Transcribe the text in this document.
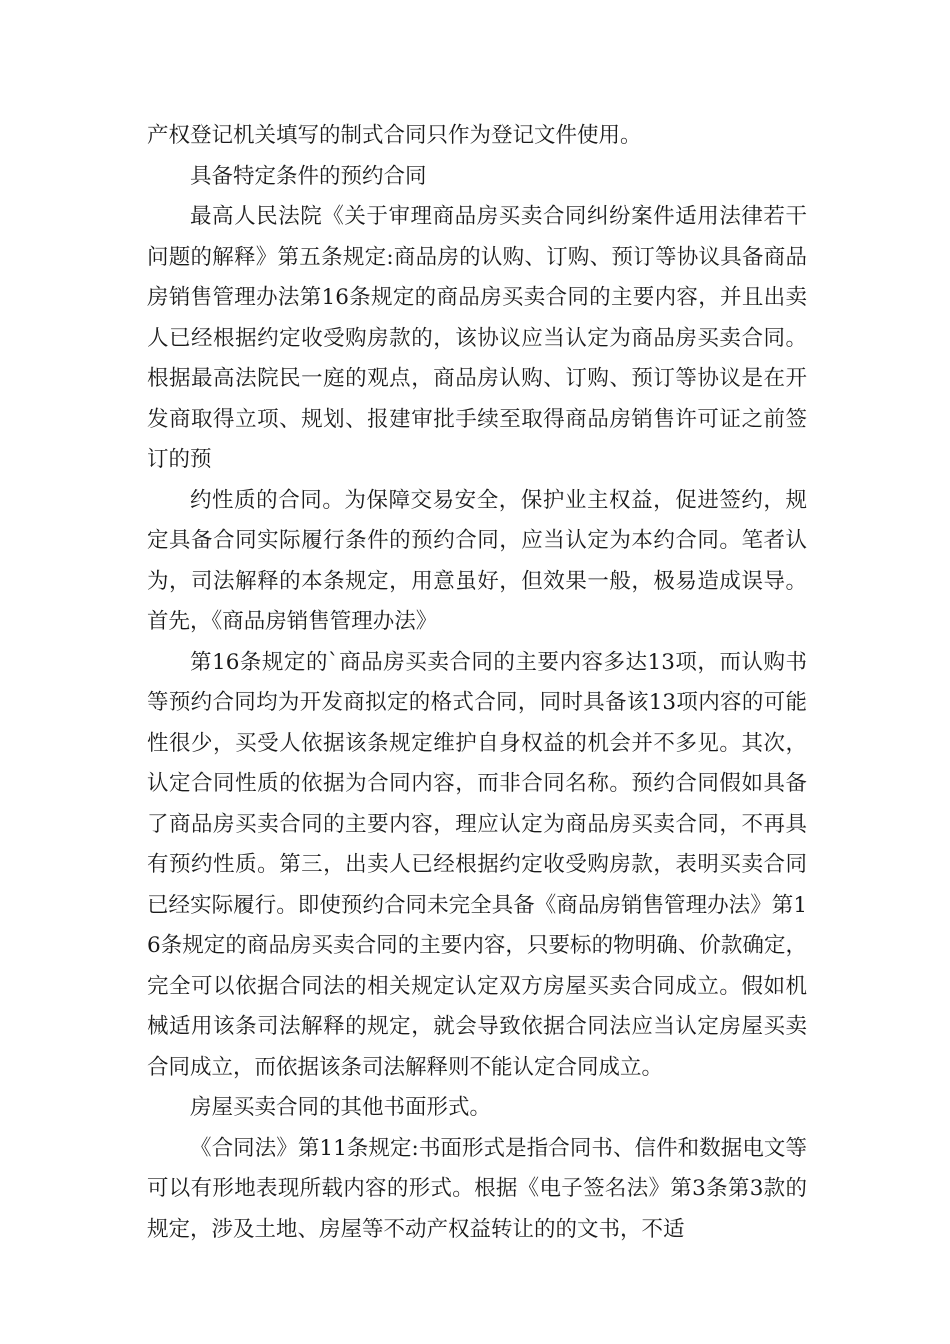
产权登记机关填写的制式合同只作为登记文件使用。

具备特定条件的预约合同

最高人民法院《关于审理商品房买卖合同纠纷案件适用法律若干问题的解释》第五条规定:商品房的认购、订购、预订等协议具备商品房销售管理办法第16条规定的商品房买卖合同的主要内容，并且出卖人已经根据约定收受购房款的，该协议应当认定为商品房买卖合同。根据最高法院民一庭的观点，商品房认购、订购、预订等协议是在开发商取得立项、规划、报建审批手续至取得商品房销售许可证之前签订的预

约性质的合同。为保障交易安全，保护业主权益，促进签约，规定具备合同实际履行条件的预约合同，应当认定为本约合同。笔者认为，司法解释的本条规定，用意虽好，但效果一般，极易造成误导。首先，《商品房销售管理办法》

第16条规定的`商品房买卖合同的主要内容多达13项，而认购书等预约合同均为开发商拟定的格式合同，同时具备该13项内容的可能性很少，买受人依据该条规定维护自身权益的机会并不多见。其次，认定合同性质的依据为合同内容，而非合同名称。预约合同假如具备了商品房买卖合同的主要内容，理应认定为商品房买卖合同，不再具有预约性质。第三，出卖人已经根据约定收受购房款，表明买卖合同已经实际履行。即使预约合同未完全具备《商品房销售管理办法》第16条规定的商品房买卖合同的主要内容，只要标的物明确、价款确定，完全可以依据合同法的相关规定认定双方房屋买卖合同成立。假如机械适用该条司法解释的规定，就会导致依据合同法应当认定房屋买卖合同成立，而依据该条司法解释则不能认定合同成立。

房屋买卖合同的其他书面形式。

《合同法》第11条规定:书面形式是指合同书、信件和数据电文等可以有形地表现所载内容的形式。根据《电子签名法》第3条第3款的规定，涉及土地、房屋等不动产权益转让的的文书，不适
